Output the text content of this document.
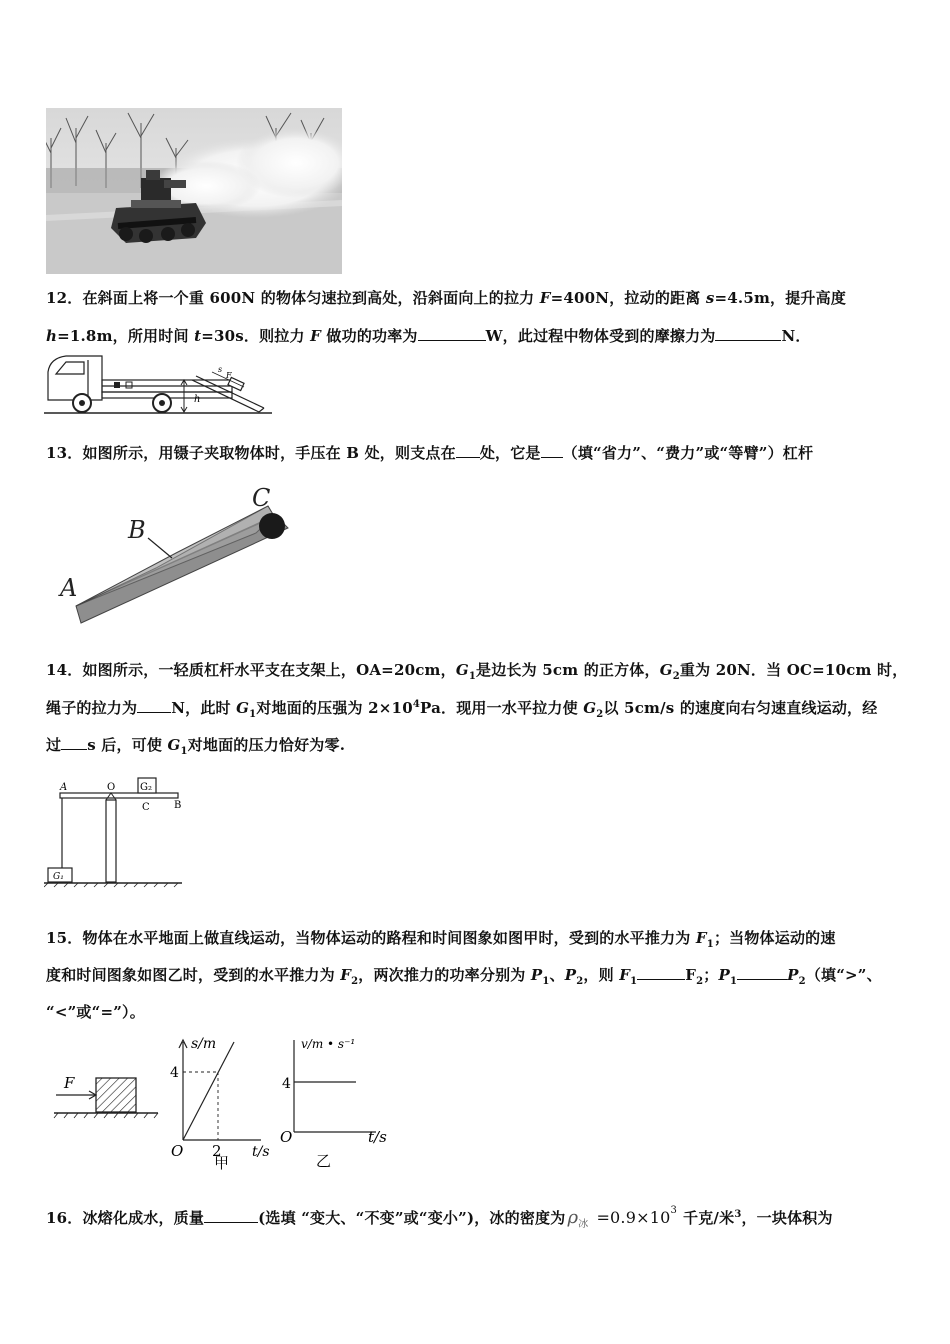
12．在斜面上将一个重 600N 的物体匀速拉到高处，沿斜面向上的拉力 F=400N，拉动的距离 s=4.5m，提升高度
h=1.8m，所用时间 t=30s．则拉力 F 做功的功率为	W，此过程中物体受到的摩擦力为	N．
h
F
s
13．如图所示，用镊子夹取物体时，手压在 B 处，则支点在 处，它是 （填“省力”、“费力”或“等臂”）杠杆
A
B
C
14．如图所示，一轻质杠杆水平支在支架上，OA=20cm，$G_1$是边长为 5cm 的正方体，$G_2$重为 20N．当 OC=10cm 时，
绳子的拉力为 N，此时 $G_1$对地面的压强为 $2\times 10^4Pa$．现用一水平拉力使 $G_2$以 5cm/s 的速度向右匀速直线运动，经
过 s 后，可使 $G_1$对地面的压力恰好为零.
A	O G₂
C B
G₁
15．物体在水平地面上做直线运动，当物体运动的路程和时间图象如图甲时，受到的水平推力为 $F_1$；当物体运动的速
度和时间图象如图乙时，受到的水平推力为 $F_2$，两次推力的功率分别为 $P_1$、$P_2$，则 $F_1$	$F_2$；$P_1$	$P_2$（填“>”、
“<”或“=”）。
F
s/m
4
O 2 t/s
甲
v/m • s⁻¹
4
O	t/s
乙
16．冰熔化成水，质量	(选填 “变大、“不变”或“变小”)，冰的密度为 $\rho_冰 =0.9\times 10^3$ 千克/米$^3$，一块体积为
